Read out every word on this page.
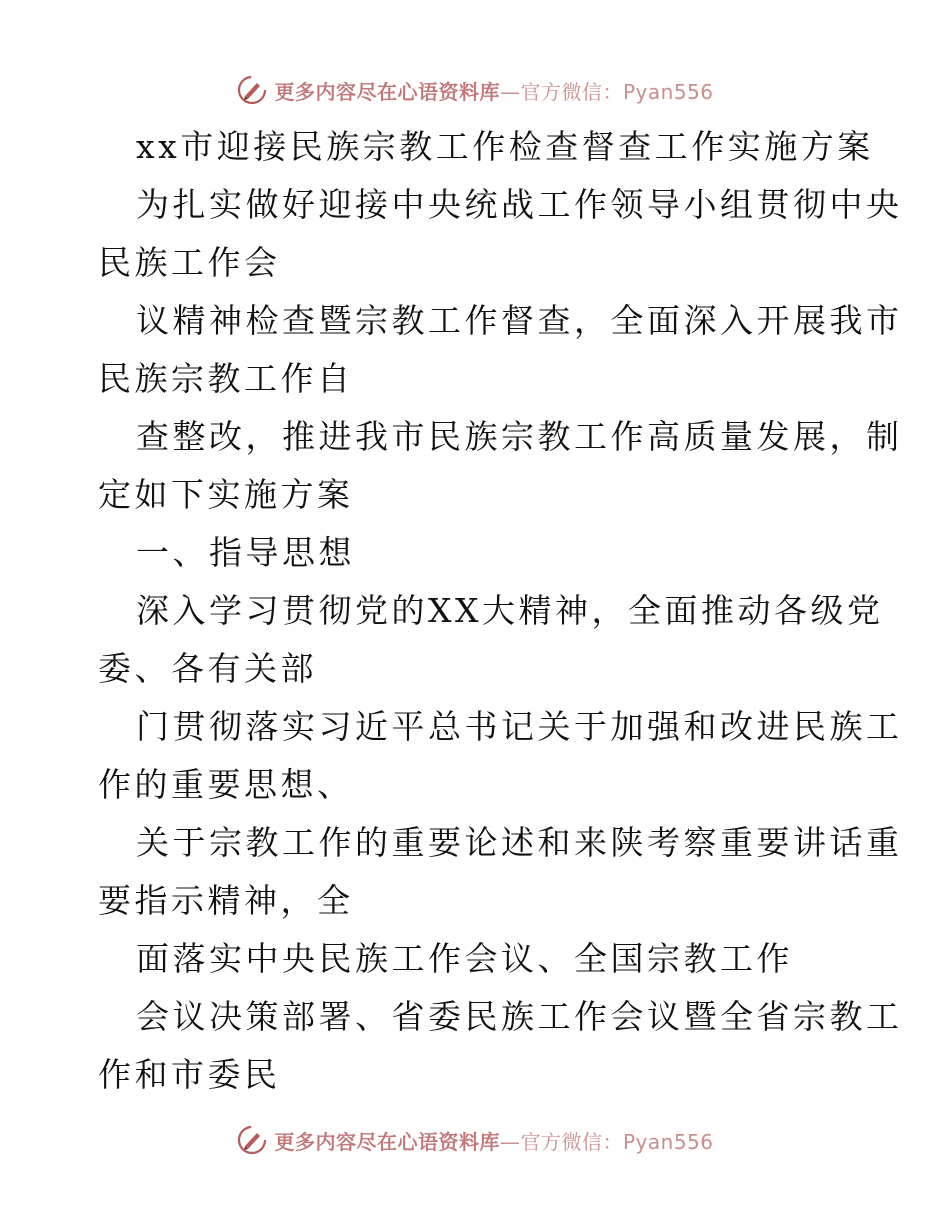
更多内容尽在心语资料库—官方微信：Pyan556
xx市迎接民族宗教工作检查督查工作实施方案
为扎实做好迎接中央统战工作领导小组贯彻中央
民族工作会
议精神检查暨宗教工作督查，全面深入开展我市
民族宗教工作自
查整改，推进我市民族宗教工作高质量发展，制
定如下实施方案
一、指导思想
深入学习贯彻党的XX大精神，全面推动各级党
委、各有关部
门贯彻落实习近平总书记关于加强和改进民族工
作的重要思想、
关于宗教工作的重要论述和来陕考察重要讲话重
要指示精神，全
面落实中央民族工作会议、全国宗教工作
会议决策部署、省委民族工作会议暨全省宗教工
作和市委民
更多内容尽在心语资料库—官方微信：Pyan556
